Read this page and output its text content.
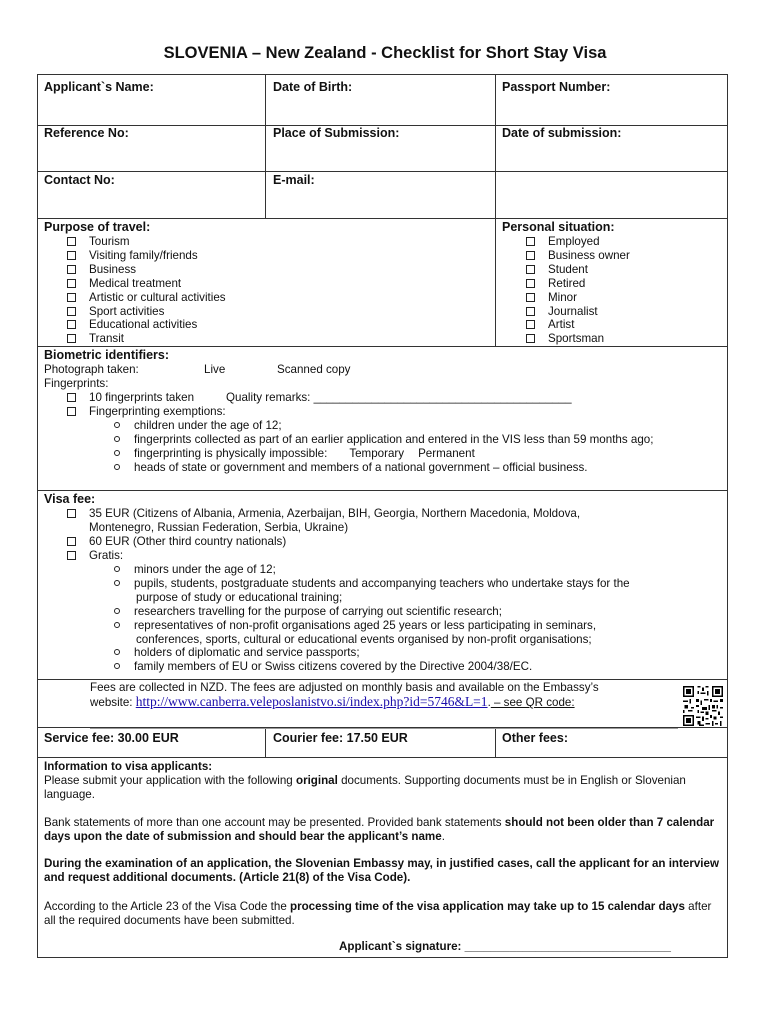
SLOVENIA – New Zealand - Checklist for Short Stay Visa
Applicant`s Name:	Date of Birth:	Passport Number:
Reference No:	Place of Submission:	Date of submission:
Contact No:	E-mail:
Purpose of travel:
Tourism
Visiting family/friends
Business
Medical treatment
Artistic or cultural activities
Sport activities
Educational activities
Transit
Personal situation:
Employed
Business owner
Student
Retired
Minor
Journalist
Artist
Sportsman
Biometric identifiers:
Photograph taken:	Live	Scanned copy
Fingerprints:
10 fingerprints taken	Quality remarks: ________________________________________
Fingerprinting exemptions:
children under the age of 12;
fingerprints collected as part of an earlier application and entered in the VIS less than 59 months ago;
fingerprinting is physically impossible: Temporary Permanent
heads of state or government and members of a national government – official business.
Visa fee:
35 EUR (Citizens of Albania, Armenia, Azerbaijan, BIH, Georgia, Northern Macedonia, Moldova,
Montenegro, Russian Federation, Serbia, Ukraine)
60 EUR (Other third country nationals)
Gratis:
minors under the age of 12;
pupils, students, postgraduate students and accompanying teachers who undertake stays for the
purpose of study or educational training;
researchers travelling for the purpose of carrying out scientific research;
representatives of non-profit organisations aged 25 years or less participating in seminars,
conferences, sports, cultural or educational events organised by non-profit organisations;
holders of diplomatic and service passports;
family members of EU or Swiss citizens covered by the Directive 2004/38/EC.
Fees are collected in NZD. The fees are adjusted on monthly basis and available on the Embassy’s
website: http://www.canberra.veleposlanistvo.si/index.php?id=5746&L=1. – see QR code:
Service fee: 30.00 EUR	Courier fee: 17.50 EUR	Other fees:
Information to visa applicants:
Please submit your application with the following original documents. Supporting documents must be in English or Slovenian language.
Bank statements of more than one account may be presented. Provided bank statements should not been older than 7 calendar days upon the date of submission and should bear the applicant’s name.
During the examination of an application, the Slovenian Embassy may, in justified cases, call the applicant for an interview and request additional documents. (Article 21(8) of the Visa Code).
According to the Article 23 of the Visa Code the processing time of the visa application may take up to 15 calendar days after all the required documents have been submitted.
Applicant`s signature: ________________________________
